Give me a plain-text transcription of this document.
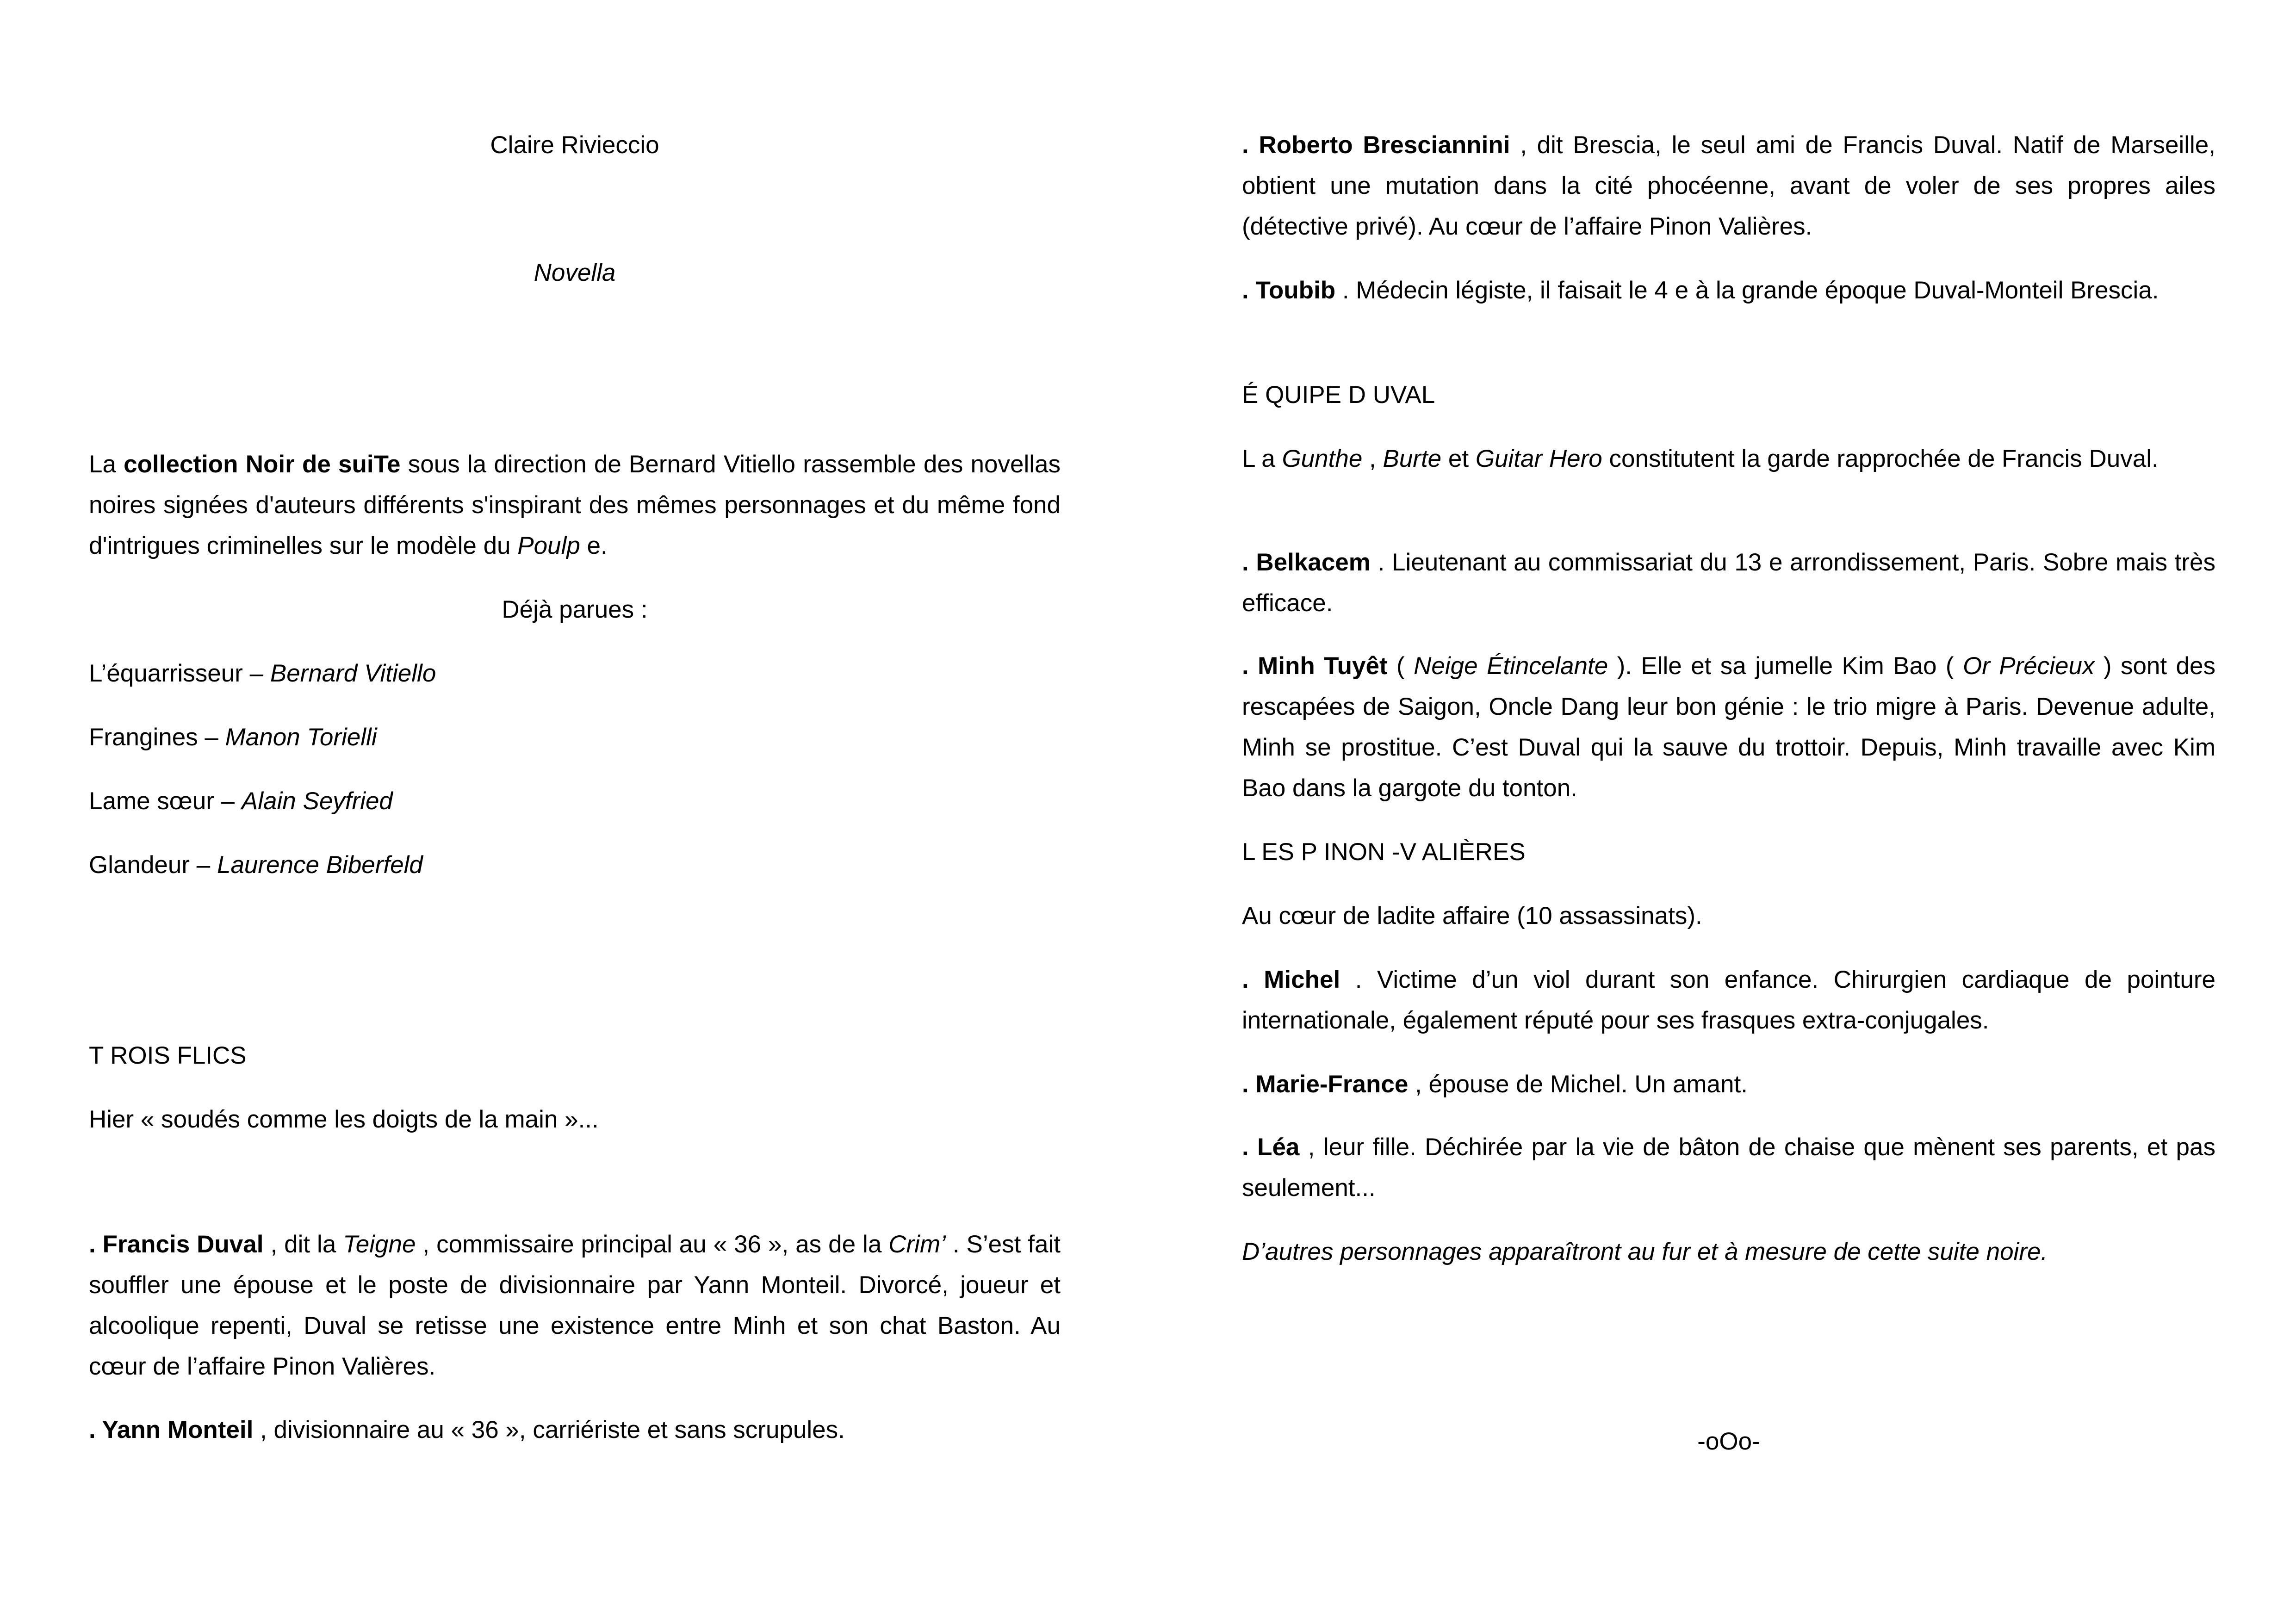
Claire Rivieccio
Novella

La collection Noir de suiTe sous la direction de Bernard Vitiello rassemble des novellas noires signées d'auteurs différents s'inspirant des mêmes personnages et du même fond d'intrigues criminelles sur le modèle du Poulp e.

Déjà parues :
L’équarrisseur – Bernard Vitiello
Frangines – Manon Torielli
Lame sœur – Alain Seyfried
Glandeur – Laurence Biberfeld
T ROIS FLICS
Hier « soudés comme les doigts de la main »...

. Francis Duval , dit la Teigne , commissaire principal au « 36 », as de la Crim’ . S’est fait souffler une épouse et le poste de divisionnaire par Yann Monteil. Divorcé, joueur et alcoolique repenti, Duval se retisse une existence entre Minh et son chat Baston. Au cœur de l’affaire Pinon Valières.

. Yann Monteil , divisionnaire au « 36 », carriériste et sans scrupules.

. Roberto Bresciannini , dit Brescia, le seul ami de Francis Duval. Natif de Marseille, obtient une mutation dans la cité phocéenne, avant de voler de ses propres ailes (détective privé). Au cœur de l’affaire Pinon Valières.

. Toubib . Médecin légiste, il faisait le 4 e à la grande époque Duval-Monteil Brescia.

É QUIPE D UVAL

L a Gunthe , Burte et Guitar Hero constitutent la garde rapprochée de Francis Duval.

. Belkacem . Lieutenant au commissariat du 13 e arrondissement, Paris. Sobre mais très efficace.

. Minh Tuyêt ( Neige Étincelante ). Elle et sa jumelle Kim Bao ( Or Précieux ) sont des rescapées de Saigon, Oncle Dang leur bon génie : le trio migre à Paris. Devenue adulte, Minh se prostitue. C’est Duval qui la sauve du trottoir. Depuis, Minh travaille avec Kim Bao dans la gargote du tonton.

L ES P INON -V ALIÈRES
Au cœur de ladite affaire (10 assassinats).

. Michel . Victime d’un viol durant son enfance. Chirurgien cardiaque de pointure internationale, également réputé pour ses frasques extra-conjugales.

. Marie-France , épouse de Michel. Un amant.

. Léa , leur fille. Déchirée par la vie de bâton de chaise que mènent ses parents, et pas seulement...

D’autres personnages apparaîtront au fur et à mesure de cette suite noire.
-oOo-
